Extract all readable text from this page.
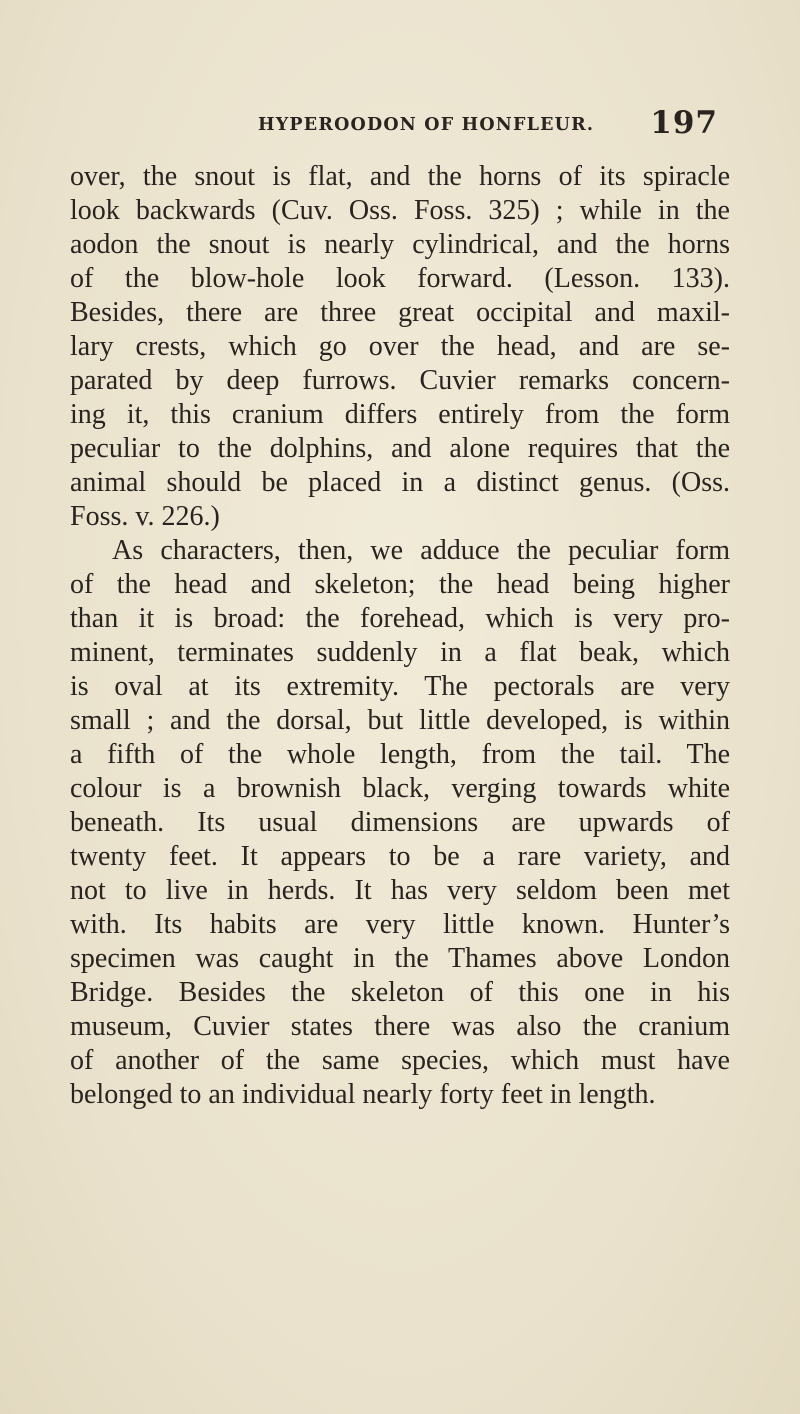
HYPEROODON OF HONFLEUR. 197
over, the snout is flat, and the horns of its spiracle
look backwards (Cuv. Oss. Foss. 325) ; while in the
aodon the snout is nearly cylindrical, and the horns
of the blow-hole look forward. (Lesson. 133).
Besides, there are three great occipital and maxil-
lary crests, which go over the head, and are se-
parated by deep furrows. Cuvier remarks concern-
ing it, this cranium differs entirely from the form
peculiar to the dolphins, and alone requires that the
animal should be placed in a distinct genus. (Oss.
Foss. v. 226.)
As characters, then, we adduce the peculiar form
of the head and skeleton; the head being higher
than it is broad: the forehead, which is very pro-
minent, terminates suddenly in a flat beak, which
is oval at its extremity. The pectorals are very
small ; and the dorsal, but little developed, is within
a fifth of the whole length, from the tail. The
colour is a brownish black, verging towards white
beneath. Its usual dimensions are upwards of
twenty feet. It appears to be a rare variety, and
not to live in herds. It has very seldom been met
with. Its habits are very little known. Hunter’s
specimen was caught in the Thames above London
Bridge. Besides the skeleton of this one in his
museum, Cuvier states there was also the cranium
of another of the same species, which must have
belonged to an individual nearly forty feet in length.
